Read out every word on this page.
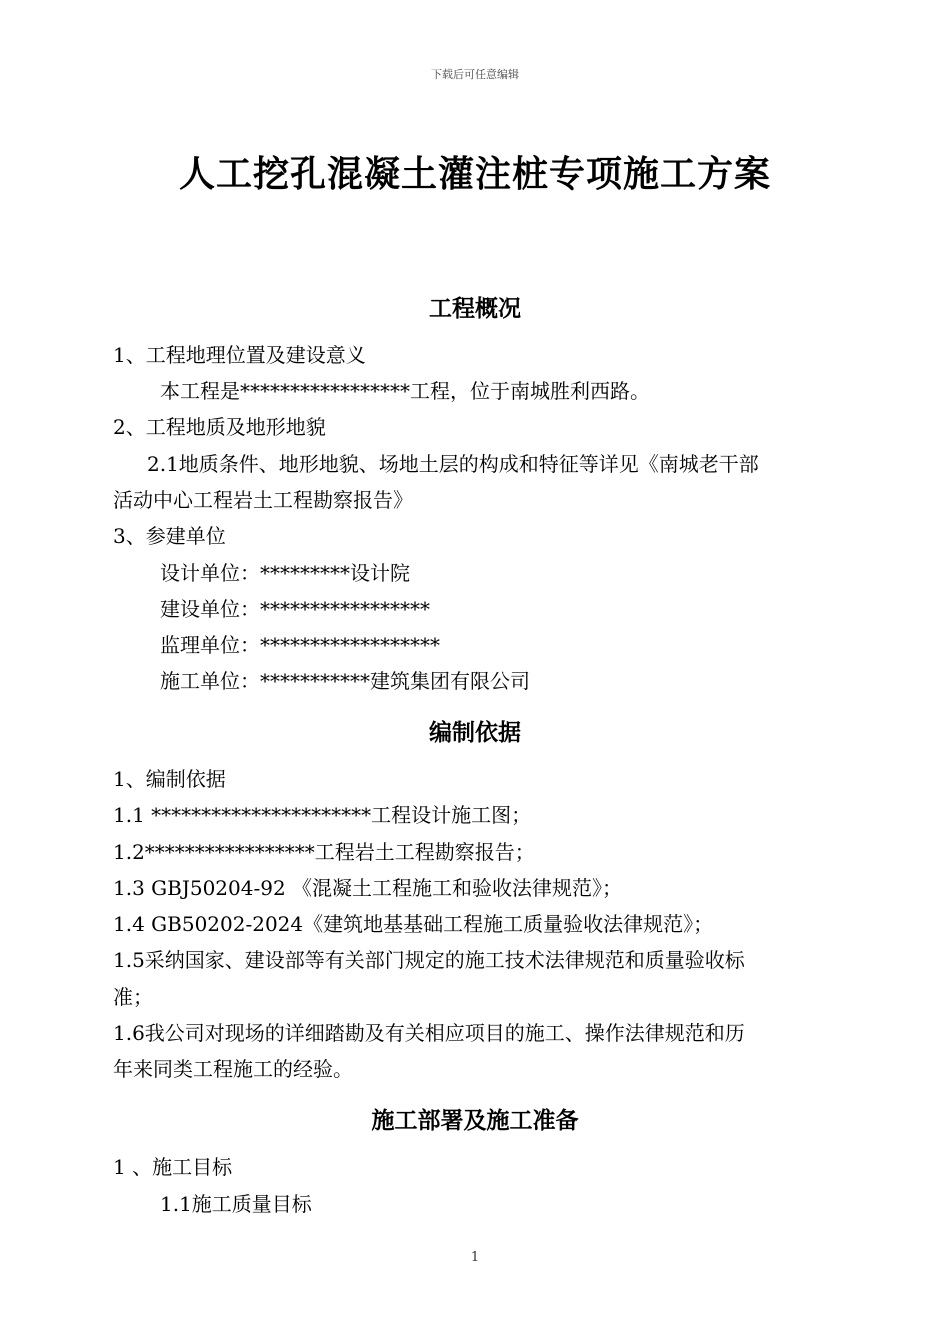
下载后可任意编辑
人工挖孔混凝土灌注桩专项施工方案
工程概况
1、工程地理位置及建设意义
本工程是*****************工程，位于南城胜利西路。
2、工程地质及地形地貌
2.1地质条件、地形地貌、场地土层的构成和特征等详见《南城老干部
活动中心工程岩土工程勘察报告》
3、参建单位
设计单位：*********设计院
建设单位：*****************
监理单位：******************
施工单位：***********建筑集团有限公司
编制依据
1、编制依据
1.1 **********************工程设计施工图；
1.2*****************工程岩土工程勘察报告；
1.3 GBJ50204-92 《混凝土工程施工和验收法律规范》；
1.4 GB50202-2024《建筑地基基础工程施工质量验收法律规范》；
1.5采纳国家、建设部等有关部门规定的施工技术法律规范和质量验收标
准；
1.6我公司对现场的详细踏勘及有关相应项目的施工、操作法律规范和历
年来同类工程施工的经验。
施工部署及施工准备
1 、施工目标
1.1施工质量目标
1
